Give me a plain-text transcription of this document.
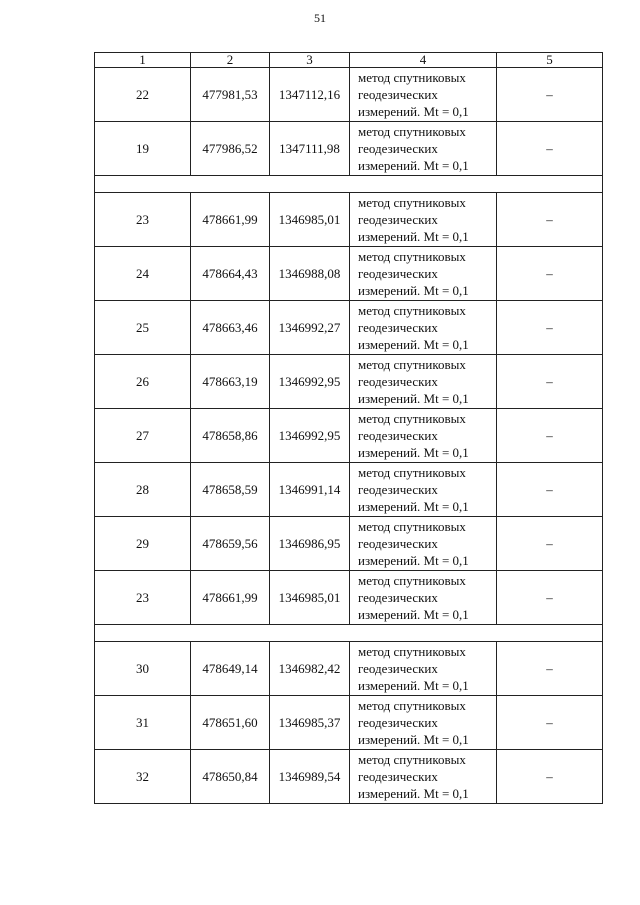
51
1	2	3	4	5
22	477981,53	1347112,16	метод спутниковых
геодезических
измерений. Mt = 0,1	–
19	477986,52	1347111,98	метод спутниковых
геодезических
измерений. Mt = 0,1	–

23	478661,99	1346985,01	метод спутниковых
геодезических
измерений. Mt = 0,1	–
24	478664,43	1346988,08	метод спутниковых
геодезических
измерений. Mt = 0,1	–
25	478663,46	1346992,27	метод спутниковых
геодезических
измерений. Mt = 0,1	–
26	478663,19	1346992,95	метод спутниковых
геодезических
измерений. Mt = 0,1	–
27	478658,86	1346992,95	метод спутниковых
геодезических
измерений. Mt = 0,1	–
28	478658,59	1346991,14	метод спутниковых
геодезических
измерений. Mt = 0,1	–
29	478659,56	1346986,95	метод спутниковых
геодезических
измерений. Mt = 0,1	–
23	478661,99	1346985,01	метод спутниковых
геодезических
измерений. Mt = 0,1	–

30	478649,14	1346982,42	метод спутниковых
геодезических
измерений. Mt = 0,1	–
31	478651,60	1346985,37	метод спутниковых
геодезических
измерений. Mt = 0,1	–
32	478650,84	1346989,54	метод спутниковых
геодезических
измерений. Mt = 0,1	–
